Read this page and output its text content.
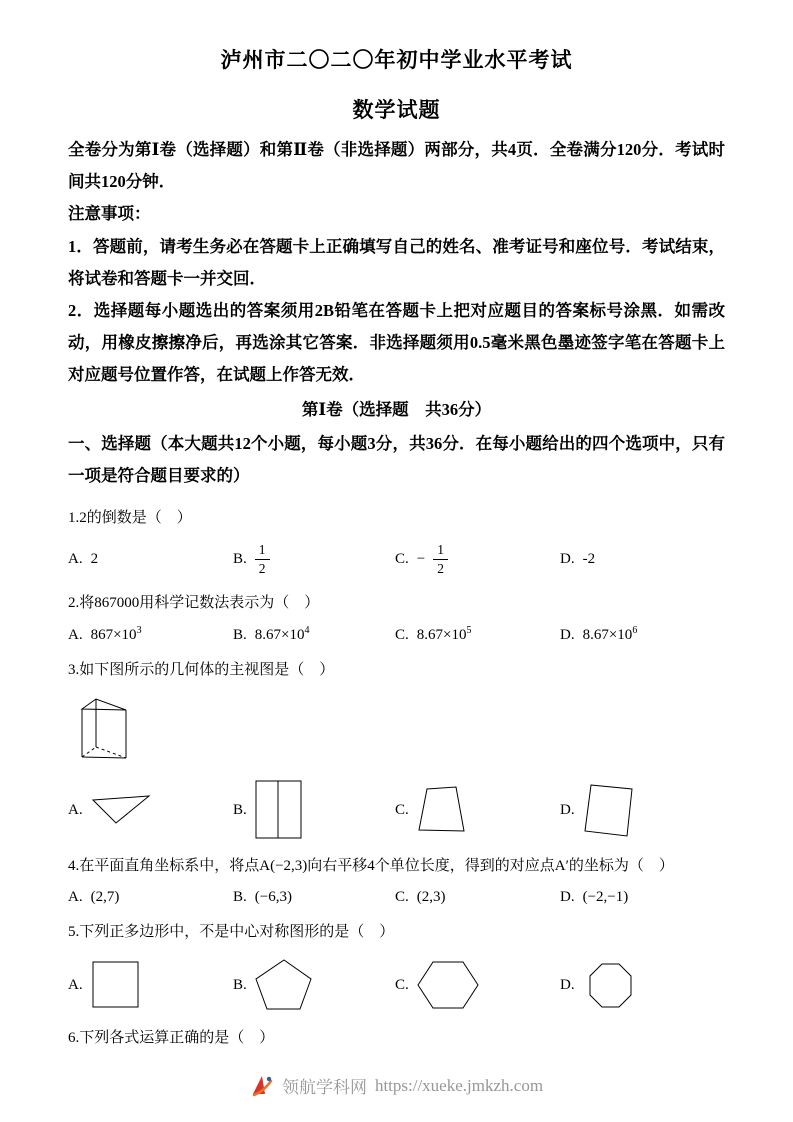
泸州市二〇二〇年初中学业水平考试
数学试题

全卷分为第Ⅰ卷（选择题）和第Ⅱ卷（非选择题）两部分，共4页．全卷满分120分．考试时间共120分钟．

注意事项：

1．答题前，请考生务必在答题卡上正确填写自己的姓名、准考证号和座位号．考试结束，将试卷和答题卡一并交回．

2．选择题每小题选出的答案须用2B铅笔在答题卡上把对应题目的答案标号涂黑．如需改动，用橡皮擦擦净后，再选涂其它答案．非选择题须用0.5毫米黑色墨迹签字笔在答题卡上对应题号位置作答，在试题上作答无效．

第Ⅰ卷（选择题　共36分）

一、选择题（本大题共12个小题，每小题3分，共36分．在每小题给出的四个选项中，只有一项是符合题目要求的）

1.2的倒数是（　）

A. 2	B. $\frac{1}{2}$	C. − $\frac{1}{2}$	D. -2

2.将867000用科学记数法表示为（　）

A. $867\times 10^3$	B. $8.67\times 10^4$	C. $8.67\times 10^5$	D. $8.67\times 10^6$

3.如下图所示的几何体的主视图是（　）

A.	B.	C.	D.

4.在平面直角坐标系中，将点A(−2,3)向右平移4个单位长度，得到的对应点A′的坐标为（　）

A. (2,7)	B. (−6,3)	C. (2,3)	D. (−2,−1)

5.下列正多边形中，不是中心对称图形的是（　）

A.	B.	C.	D.

6.下列各式运算正确的是（　）

领航学科网 https://xueke.jmkzh.com
